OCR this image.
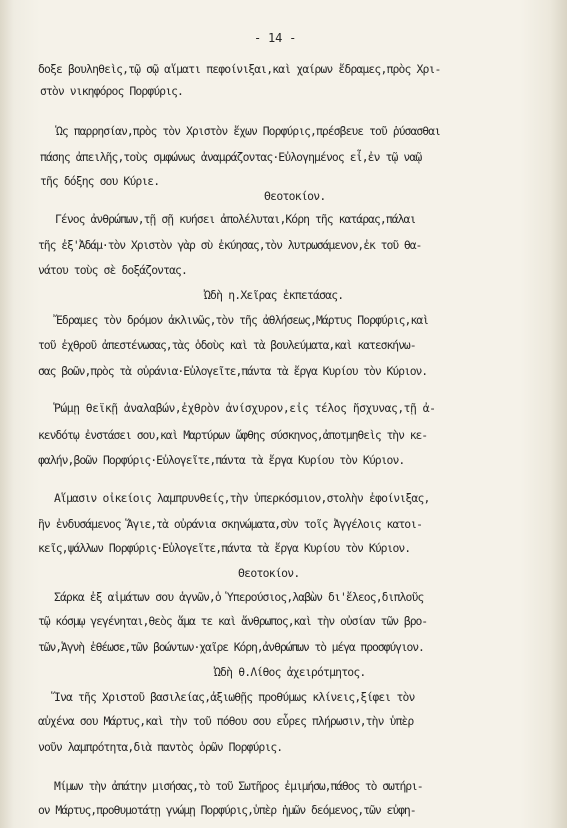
- 14 -
δοξε βουληθεὶς,τῷ σῷ αἵματι πεφοίνιξαι,καὶ χαίρων ἔδραμες,πρὸς Χρι-
στὸν νικηφόρος Πορφύρις.
Ὡς παρρησίαν,πρὸς τὸν Χριστὸν ἔχων Πορφύρις,πρέσβευε τοῦ ῥύσασθαι
πάσης ἀπειλῆς,τοὺς σμφώνως ἀναμράζοντας·Εὐλογημένος εἶ,ἐν τῷ ναῷ
τῆς δόξης σου Κύριε.
Θεοτοκίον.
Γένος ἀνθρώπων,τῇ σῇ κυήσει ἀπολέλυται,Κόρη τῆς κατάρας,πάλαι
τῆς ἐξ'Ἀδάμ·τὸν Χριστὸν γὰρ σὺ ἐκύησας,τὸν λυτρωσάμενον,ἐκ τοῦ θα-
νάτου τοὺς σὲ δοξάζοντας.
Ὠδὴ η.Χεῖρας ἐκπετάσας.
Ἔδραμες τὸν δρόμον ἀκλινῶς,τὸν τῆς ἀθλήσεως,Μάρτυς Πορφύρις,καὶ
τοῦ ἐχθροῦ ἀπεστένωσας,τὰς ὁδοὺς καὶ τὰ βουλεύματα,καὶ κατεσκήνω-
σας βοῶν,πρὸς τὰ οὐράνια·Εὐλογεῖτε,πάντα τὰ ἔργα Κυρίου τὸν Κύριον.
Ῥώμῃ θεϊκῇ ἀναλαβών,ἐχθρὸν ἀνίσχυρον,εἰς τέλος ἤσχυνας,τῇ ἀ-
κενδότῳ ἐνστάσει σου,καὶ Μαρτύρων ὤφθης σύσκηνος,ἀποτμηθεὶς τὴν κε-
φαλήν,βοῶν Πορφύρις·Εὐλογεῖτε,πάντα τὰ ἔργα Κυρίου τὸν Κύριον.
Αἵμασιν οἰκείοις λαμπρυνθείς,τὴν ὑπερκόσμιον,στολὴν ἐφοίνιξας,
ἣν ἐνδυσάμενος Ἅγιε,τὰ οὐράνια σκηνώματα,σὺν τοῖς Ἀγγέλοις κατοι-
κεῖς,ψάλλων Πορφύρις·Εὐλογεῖτε,πάντα τὰ ἔργα Κυρίου τὸν Κύριον.
Θεοτοκίον.
Σάρκα ἐξ αἱμάτων σου ἁγνῶν,ὁ Ὑπερούσιος,λαβὼν δι'ἔλεος,διπλοῦς
τῷ κόσμῳ γεγένηται,θεὸς ἅμα τε καὶ ἄνθρωπος,καὶ τὴν οὐσίαν τῶν βρο-
τῶν,Ἁγνὴ ἐθέωσε,τῶν βοώντων·χαῖρε Κόρη,ἀνθρώπων τὸ μέγα προσφύγιον.
Ὠδὴ θ.Λίθος ἀχειρότμητος.
Ἵνα τῆς Χριστοῦ βασιλείας,ἀξιωθῇς προθύμως κλίνεις,ξίφει τὸν
αὐχένα σου Μάρτυς,καὶ τὴν τοῦ πόθου σου εὗρες πλήρωσιν,τὴν ὑπὲρ
νοῦν λαμπρότητα,διὰ παντὸς ὁρῶν Πορφύρις.
Μίμων τὴν ἀπάτην μισήσας,τὸ τοῦ Σωτῆρος ἐμιμήσω,πάθος τὸ σωτήρι-
ον Μάρτυς,προθυμοτάτῃ γνώμῃ Πορφύρις,ὑπὲρ ἡμῶν δεόμενος,τῶν εὐφη-
